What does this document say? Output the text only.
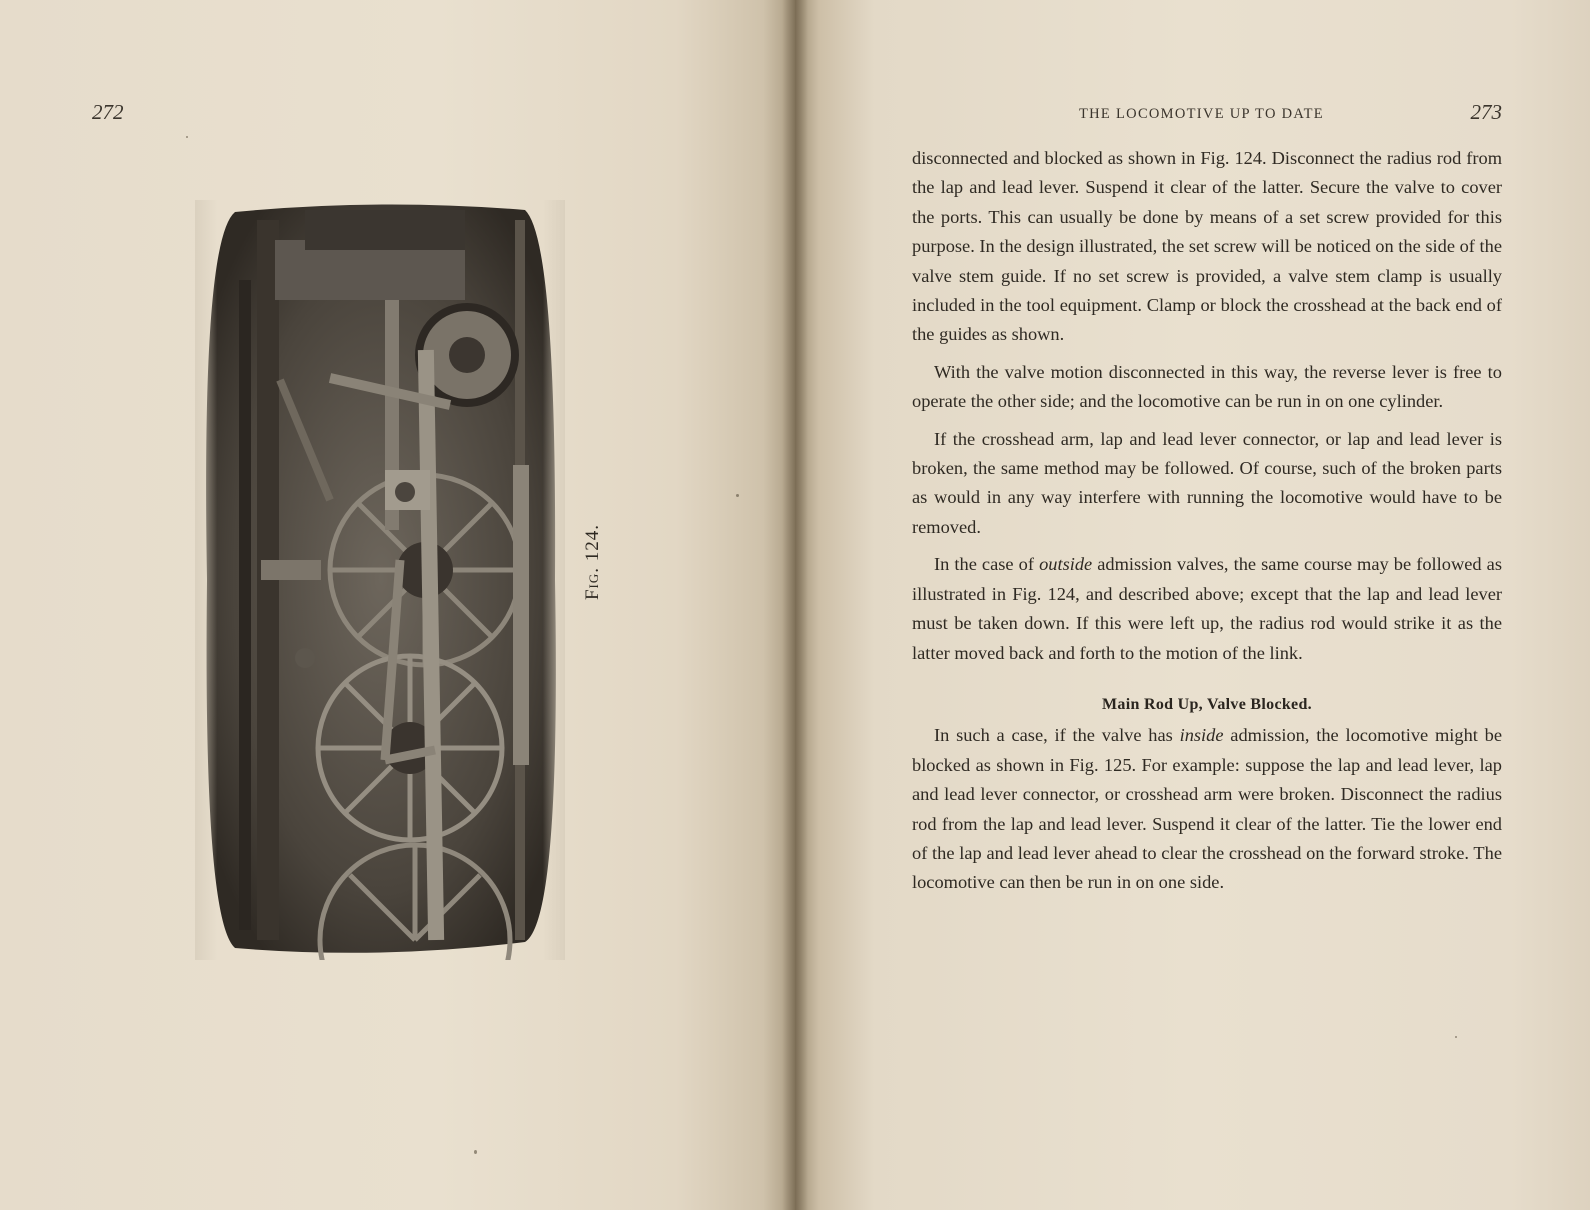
272
Fig. 124.
THE LOCOMOTIVE UP TO DATE	273

disconnected and blocked as shown in Fig. 124. Disconnect the radius rod from the lap and lead lever. Suspend it clear of the latter. Secure the valve to cover the ports. This can usually be done by means of a set screw provided for this purpose. In the design illustrated, the set screw will be noticed on the side of the valve stem guide. If no set screw is provided, a valve stem clamp is usually included in the tool equipment. Clamp or block the crosshead at the back end of the guides as shown.

With the valve motion disconnected in this way, the reverse lever is free to operate the other side; and the locomotive can be run in on one cylinder.

If the crosshead arm, lap and lead lever connector, or lap and lead lever is broken, the same method may be followed. Of course, such of the broken parts as would in any way interfere with running the locomotive would have to be removed.

In the case of outside admission valves, the same course may be followed as illustrated in Fig. 124, and described above; except that the lap and lead lever must be taken down. If this were left up, the radius rod would strike it as the latter moved back and forth to the motion of the link.

Main Rod Up, Valve Blocked.

In such a case, if the valve has inside admission, the locomotive might be blocked as shown in Fig. 125. For example: suppose the lap and lead lever, lap and lead lever connector, or crosshead arm were broken. Disconnect the radius rod from the lap and lead lever. Suspend it clear of the latter. Tie the lower end of the lap and lead lever ahead to clear the crosshead on the forward stroke. The locomotive can then be run in on one side.
